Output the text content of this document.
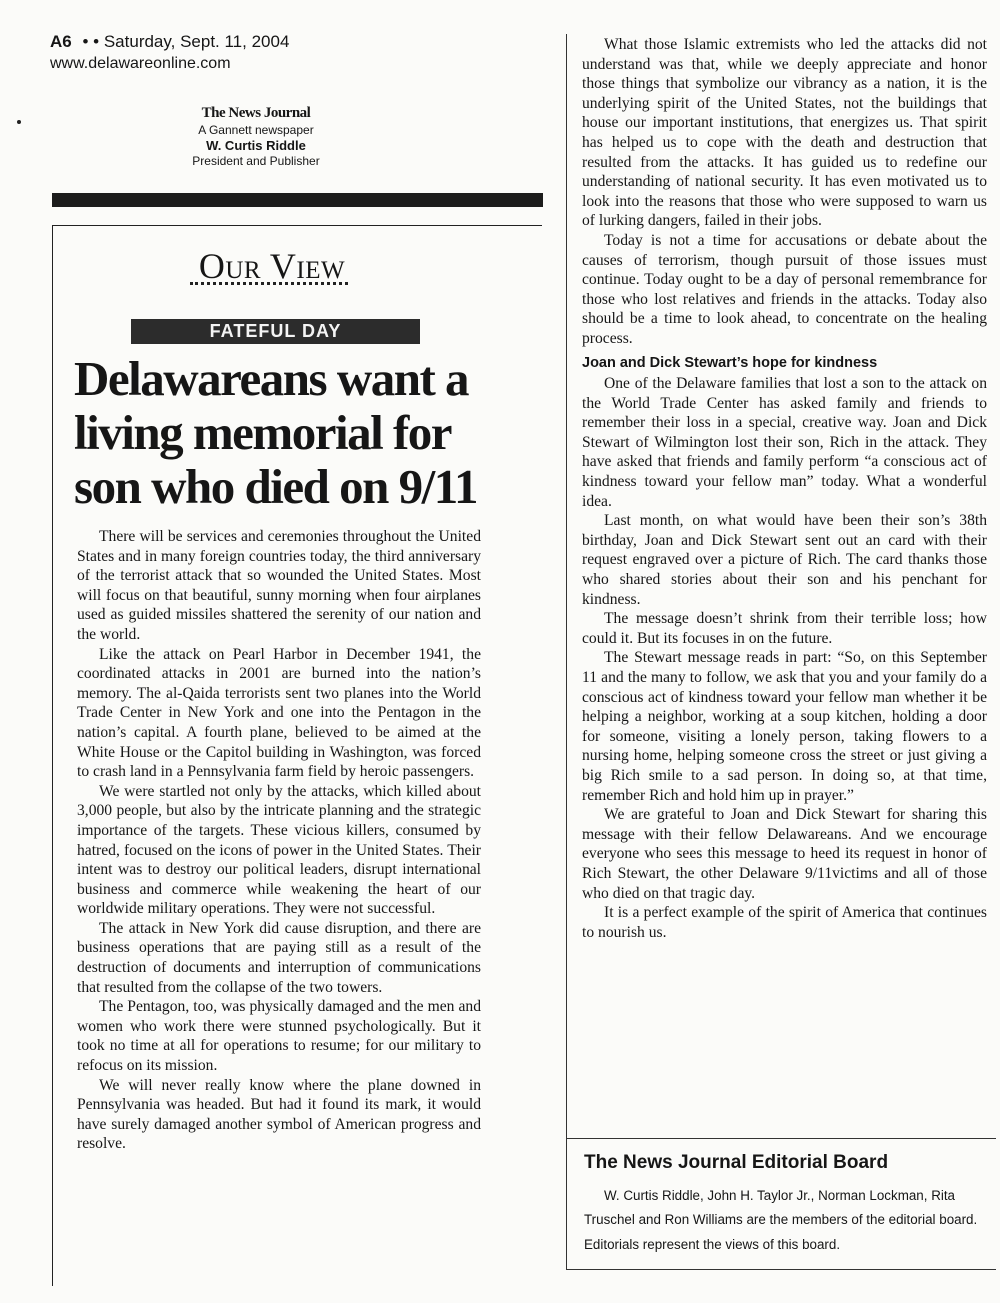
A6 • • Saturday, Sept. 11, 2004
www.delawareonline.com
The News Journal
A Gannett newspaper
W. Curtis Riddle
President and Publisher
Our View
FATEFUL DAY
Delawareans want a living memorial for son who died on 9/11

There will be services and ceremonies throughout the United States and in many foreign countries today, the third anniversary of the terrorist attack that so wounded the United States. Most will focus on that beautiful, sunny morning when four airplanes used as guided missiles shattered the serenity of our nation and the world.

Like the attack on Pearl Harbor in December 1941, the coordinated attacks in 2001 are burned into the nation’s memory. The al-Qaida terrorists sent two planes into the World Trade Center in New York and one into the Pentagon in the nation’s capital. A fourth plane, believed to be aimed at the White House or the Capitol building in Washington, was forced to crash land in a Pennsylvania farm field by heroic passengers.

We were startled not only by the attacks, which killed about 3,000 people, but also by the intricate planning and the strategic importance of the targets. These vicious killers, consumed by hatred, focused on the icons of power in the United States. Their intent was to destroy our political leaders, disrupt international business and commerce while weakening the heart of our worldwide military operations. They were not successful.

The attack in New York did cause disruption, and there are business operations that are paying still as a result of the destruction of documents and interruption of communications that resulted from the collapse of the two towers.

The Pentagon, too, was physically damaged and the men and women who work there were stunned psychologically. But it took no time at all for operations to resume; for our military to refocus on its mission.

We will never really know where the plane downed in Pennsylvania was headed. But had it found its mark, it would have surely damaged another symbol of American progress and resolve.

What those Islamic extremists who led the attacks did not understand was that, while we deeply appreciate and honor those things that symbolize our vibrancy as a nation, it is the underlying spirit of the United States, not the buildings that house our important institutions, that energizes us. That spirit has helped us to cope with the death and destruction that resulted from the attacks. It has guided us to redefine our understanding of national security. It has even motivated us to look into the reasons that those who were supposed to warn us of lurking dangers, failed in their jobs.

Today is not a time for accusations or debate about the causes of terrorism, though pursuit of those issues must continue. Today ought to be a day of personal remembrance for those who lost relatives and friends in the attacks. Today also should be a time to look ahead, to concentrate on the healing process.

Joan and Dick Stewart’s hope for kindness

One of the Delaware families that lost a son to the attack on the World Trade Center has asked family and friends to remember their loss in a special, creative way. Joan and Dick Stewart of Wilmington lost their son, Rich in the attack. They have asked that friends and family perform “a conscious act of kindness toward your fellow man” today. What a wonderful idea.

Last month, on what would have been their son’s 38th birthday, Joan and Dick Stewart sent out an card with their request engraved over a picture of Rich. The card thanks those who shared stories about their son and his penchant for kindness.

The message doesn’t shrink from their terrible loss; how could it. But its focuses in on the future.

The Stewart message reads in part: “So, on this September 11 and the many to follow, we ask that you and your family do a conscious act of kindness toward your fellow man whether it be helping a neighbor, working at a soup kitchen, holding a door for someone, visiting a lonely person, taking flowers to a nursing home, helping someone cross the street or just giving a big Rich smile to a sad person. In doing so, at that time, remember Rich and hold him up in prayer.”

We are grateful to Joan and Dick Stewart for sharing this message with their fellow Delawareans. And we encourage everyone who sees this message to heed its request in honor of Rich Stewart, the other Delaware 9/11victims and all of those who died on that tragic day.

It is a perfect example of the spirit of America that continues to nourish us.

The News Journal Editorial Board
W. Curtis Riddle, John H. Taylor Jr., Norman Lockman, Rita Truschel and Ron Williams are the members of the editorial board. Editorials represent the views of this board.
